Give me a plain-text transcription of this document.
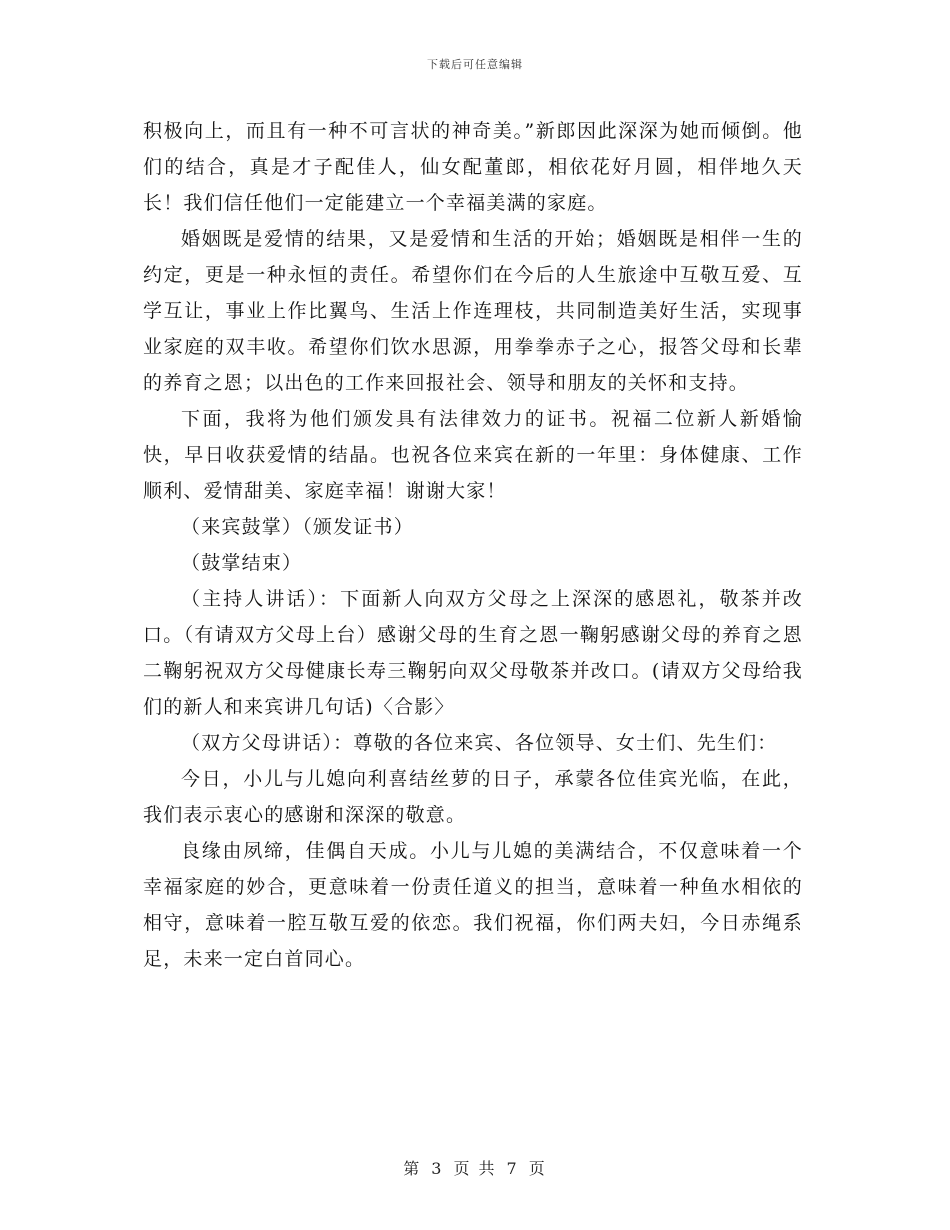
下载后可任意编辑

积极向上，而且有一种不可言状的神奇美。”新郎因此深深为她而倾倒。他们的结合，真是才子配佳人，仙女配董郎，相依花好月圆，相伴地久天长！我们信任他们一定能建立一个幸福美满的家庭。

婚姻既是爱情的结果，又是爱情和生活的开始；婚姻既是相伴一生的约定，更是一种永恒的责任。希望你们在今后的人生旅途中互敬互爱、互学互让，事业上作比翼鸟、生活上作连理枝，共同制造美好生活，实现事业家庭的双丰收。希望你们饮水思源，用拳拳赤子之心，报答父母和长辈的养育之恩；以出色的工作来回报社会、领导和朋友的关怀和支持。

下面，我将为他们颁发具有法律效力的证书。祝福二位新人新婚愉快，早日收获爱情的结晶。也祝各位来宾在新的一年里：身体健康、工作顺利、爱情甜美、家庭幸福！谢谢大家！

（来宾鼓掌）（颁发证书）

（鼓掌结束）

（主持人讲话）：下面新人向双方父母之上深深的感恩礼，敬茶并改口。（有请双方父母上台）感谢父母的生育之恩一鞠躬感谢父母的养育之恩二鞠躬祝双方父母健康长寿三鞠躬向双父母敬茶并改口。(请双方父母给我们的新人和来宾讲几句话)〈合影〉

（双方父母讲话）：尊敬的各位来宾、各位领导、女士们、先生们：

今日，小儿与儿媳向利喜结丝萝的日子，承蒙各位佳宾光临，在此，我们表示衷心的感谢和深深的敬意。

良缘由夙缔，佳偶自天成。小儿与儿媳的美满结合，不仅意味着一个幸福家庭的妙合，更意味着一份责任道义的担当，意味着一种鱼水相依的相守，意味着一腔互敬互爱的依恋。我们祝福，你们两夫妇，今日赤绳系足，未来一定白首同心。

第 3 页 共 7 页
